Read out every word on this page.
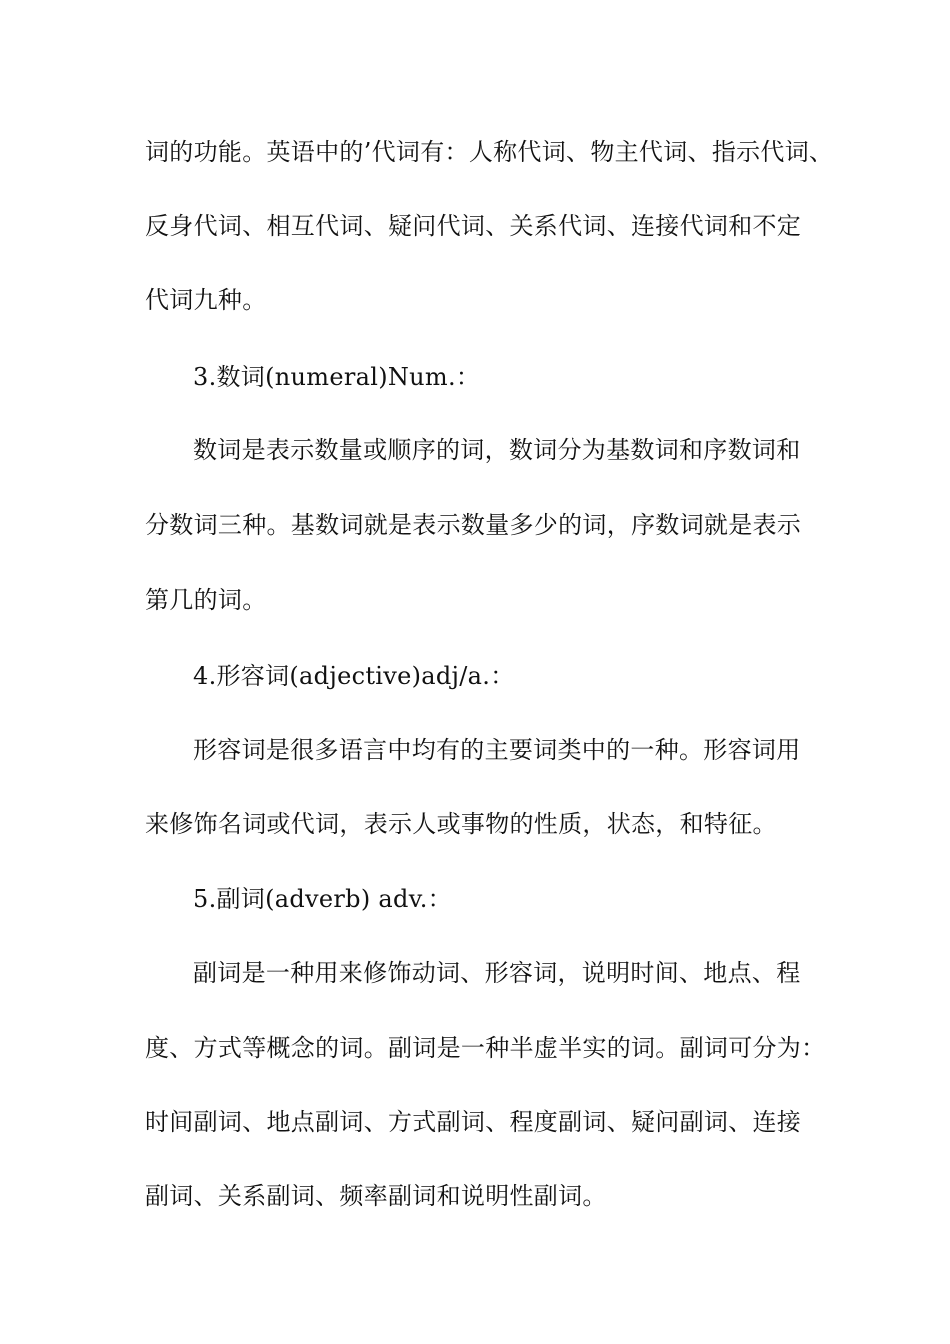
词的功能。英语中的’代词有：人称代词、物主代词、指示代词、
反身代词、相互代词、疑问代词、关系代词、连接代词和不定
代词九种。
3.数词(numeral)Num.：
数词是表示数量或顺序的词，数词分为基数词和序数词和
分数词三种。基数词就是表示数量多少的词，序数词就是表示
第几的词。
4.形容词(adjective)adj/a.：
形容词是很多语言中均有的主要词类中的一种。形容词用
来修饰名词或代词，表示人或事物的性质，状态，和特征。
5.副词(adverb) adv.：
副词是一种用来修饰动词、形容词，说明时间、地点、程
度、方式等概念的词。副词是一种半虚半实的词。副词可分为：
时间副词、地点副词、方式副词、程度副词、疑问副词、连接
副词、关系副词、频率副词和说明性副词。
